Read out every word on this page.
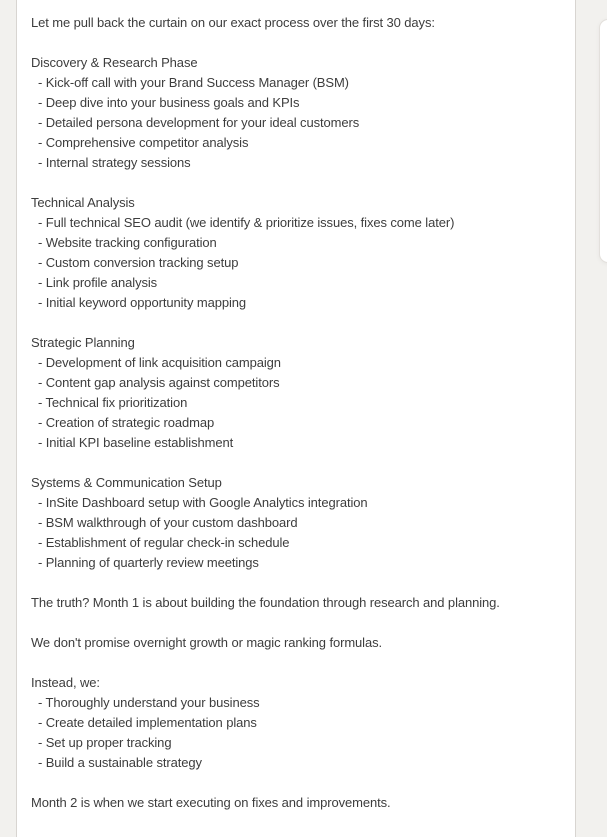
Let me pull back the curtain on our exact process over the first 30 days:
Discovery & Research Phase
- Kick-off call with your Brand Success Manager (BSM)
- Deep dive into your business goals and KPIs
- Detailed persona development for your ideal customers
- Comprehensive competitor analysis
- Internal strategy sessions
Technical Analysis
- Full technical SEO audit (we identify & prioritize issues, fixes come later)
- Website tracking configuration
- Custom conversion tracking setup
- Link profile analysis
- Initial keyword opportunity mapping
Strategic Planning
- Development of link acquisition campaign
- Content gap analysis against competitors
- Technical fix prioritization
- Creation of strategic roadmap
- Initial KPI baseline establishment
Systems & Communication Setup
- InSite Dashboard setup with Google Analytics integration
- BSM walkthrough of your custom dashboard
- Establishment of regular check-in schedule
- Planning of quarterly review meetings
The truth? Month 1 is about building the foundation through research and planning.
We don't promise overnight growth or magic ranking formulas.
Instead, we:
- Thoroughly understand your business
- Create detailed implementation plans
- Set up proper tracking
- Build a sustainable strategy
Month 2 is when we start executing on fixes and improvements.
